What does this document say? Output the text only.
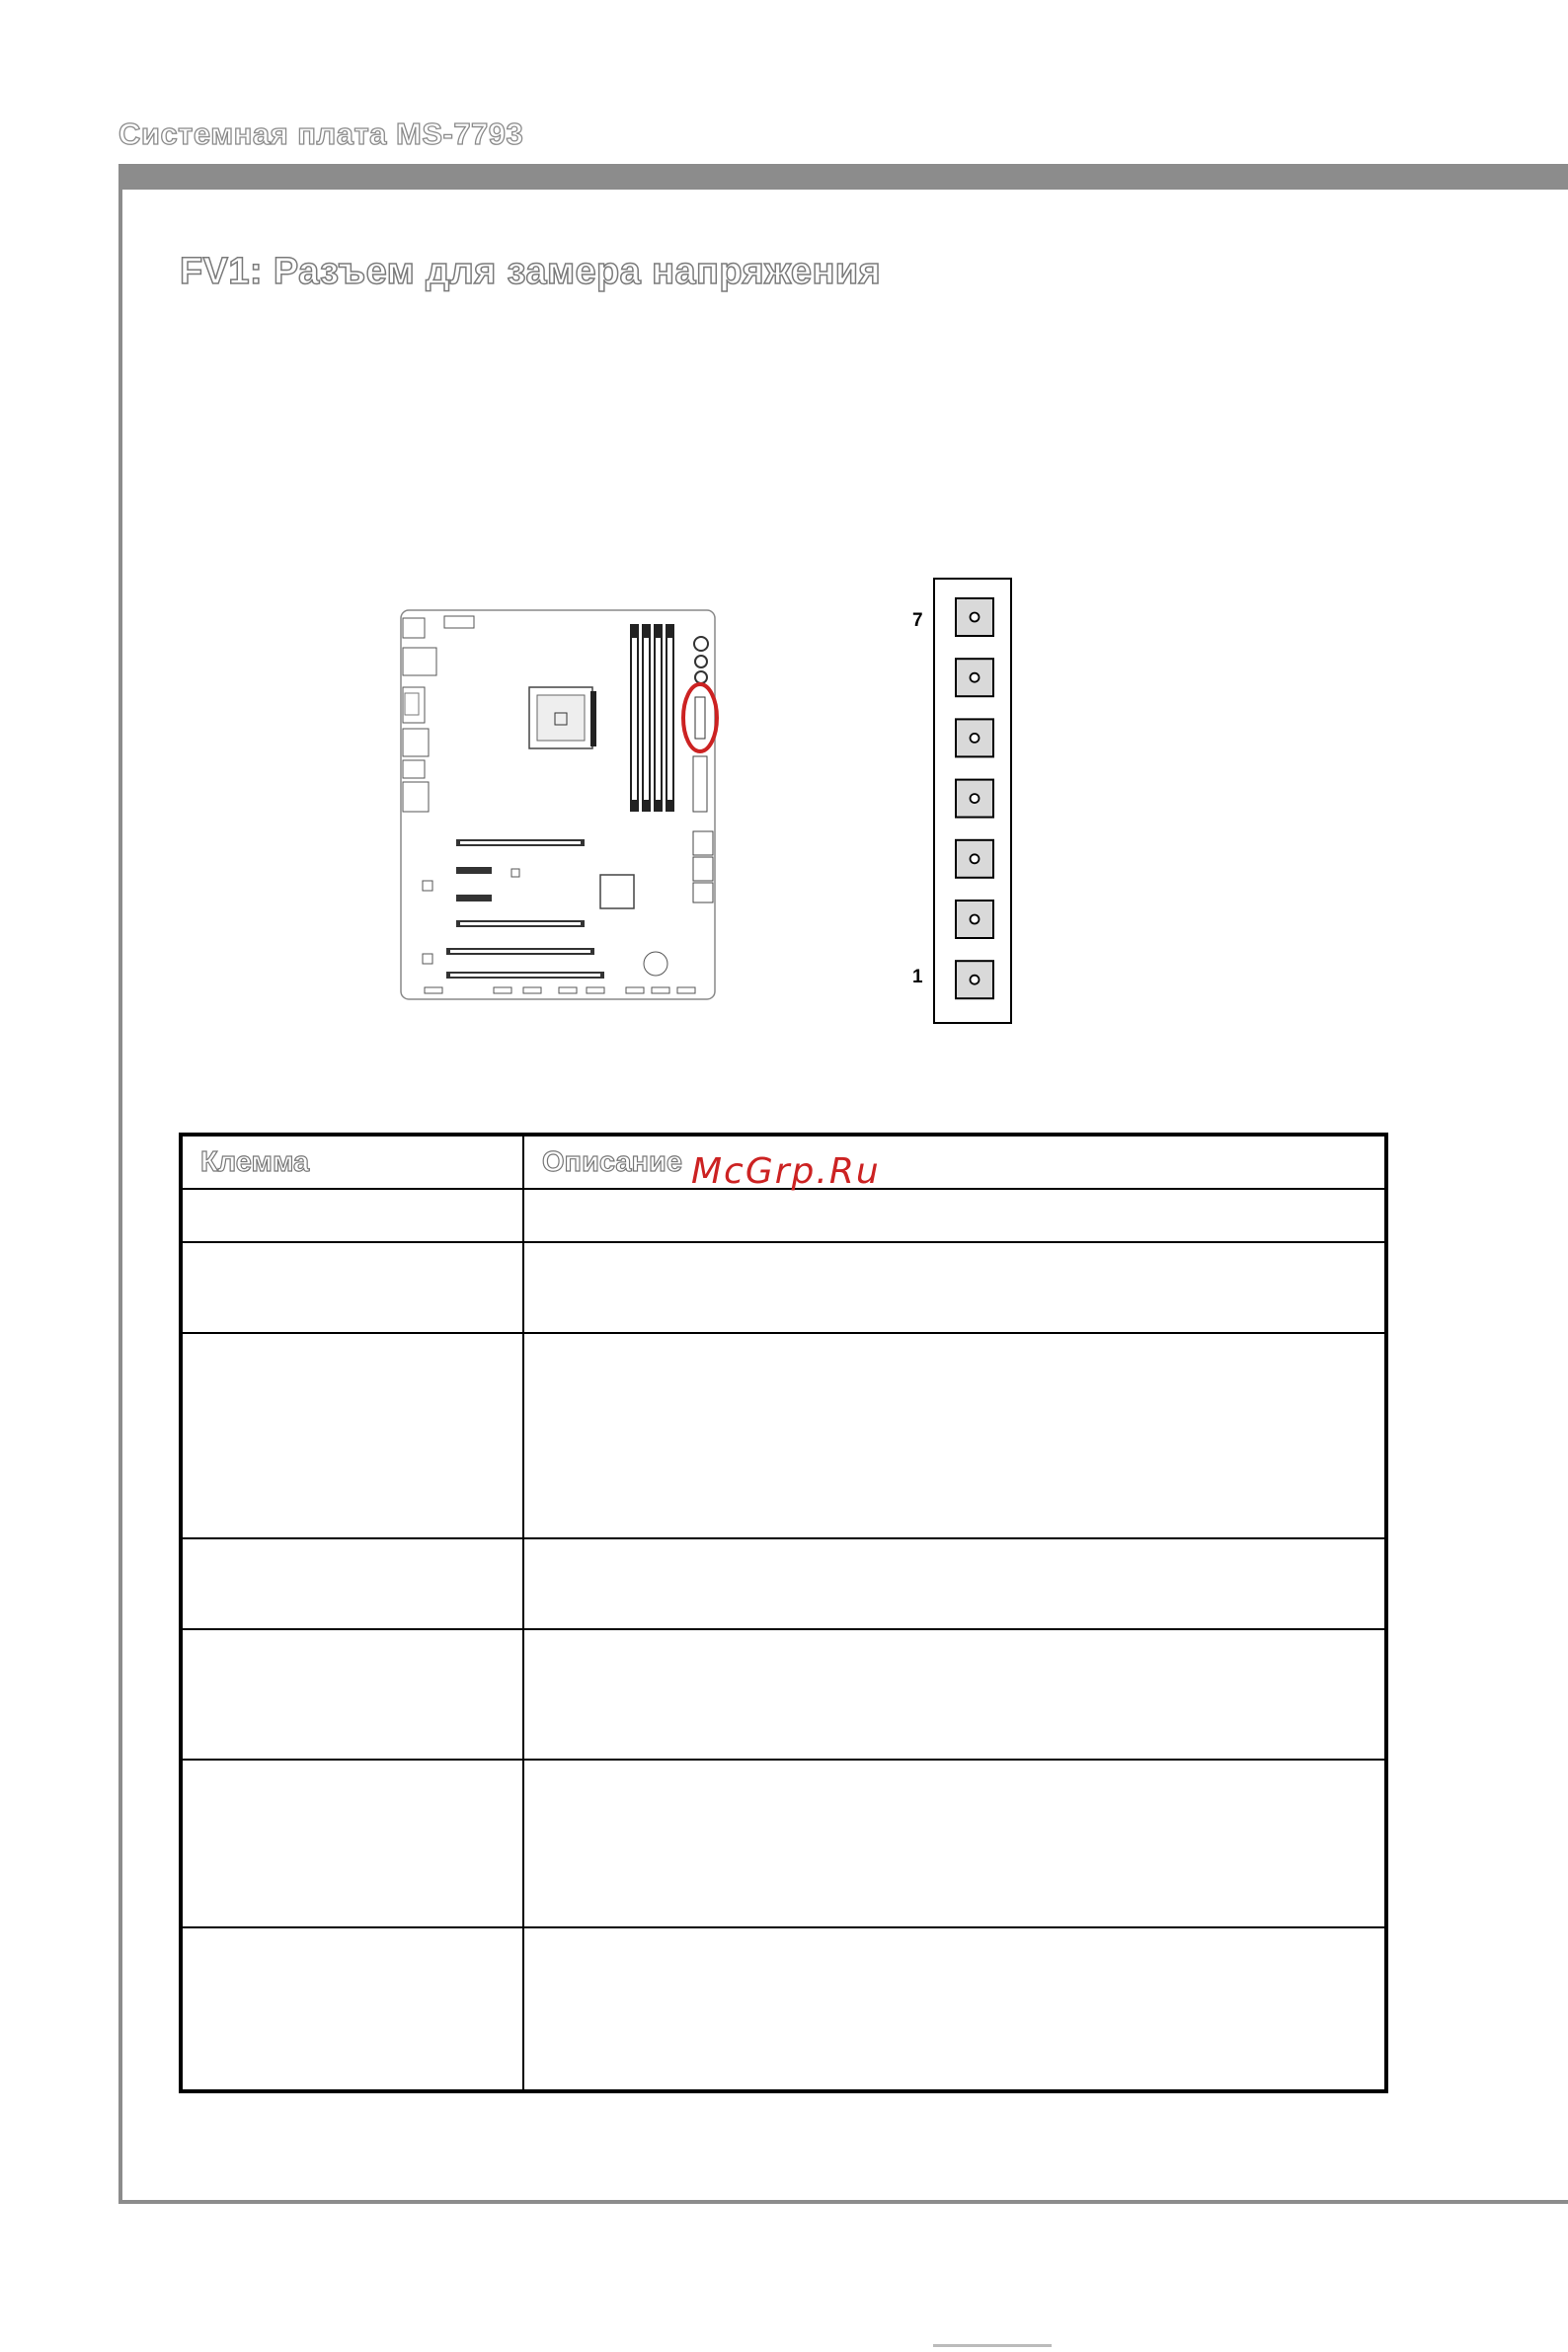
Системная плата MS-7793
FV1: Разъем для замера напряжения
7
1
Клемма	Описание

	McGrp.Ru
